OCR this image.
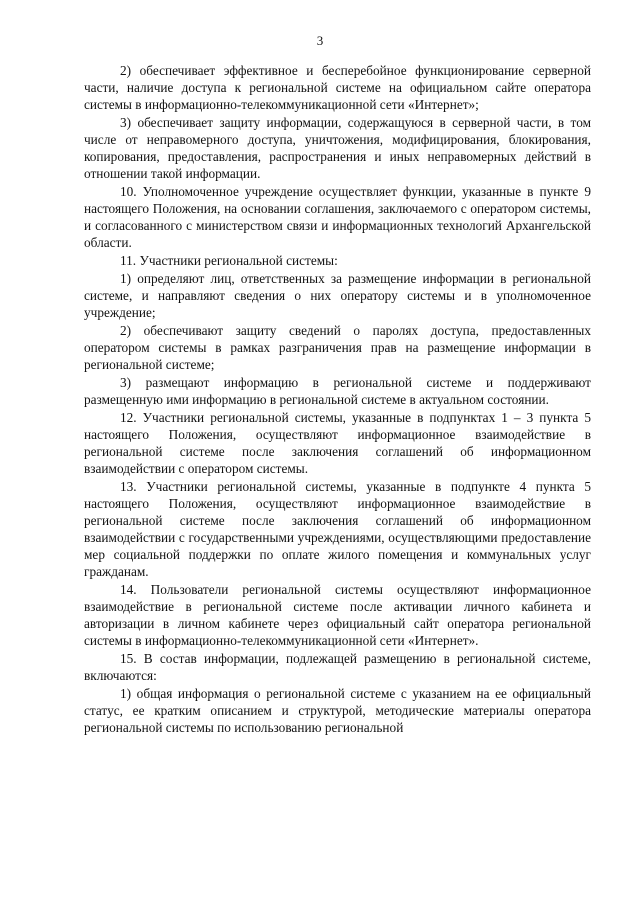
3

2) обеспечивает эффективное и бесперебойное функционирование серверной части, наличие доступа к региональной системе на официальном сайте оператора системы в информационно-телекоммуникационной сети «Интернет»;

3) обеспечивает защиту информации, содержащуюся в серверной части, в том числе от неправомерного доступа, уничтожения, модифицирования, блокирования, копирования, предоставления, распространения и иных неправомерных действий в отношении такой информации.

10. Уполномоченное учреждение осуществляет функции, указанные в пункте 9 настоящего Положения, на основании соглашения, заключаемого с оператором системы, и согласованного с министерством связи и информационных технологий Архангельской области.

11. Участники региональной системы:

1) определяют лиц, ответственных за размещение информации в региональной системе, и направляют сведения о них оператору системы и в уполномоченное учреждение;

2) обеспечивают защиту сведений о паролях доступа, предоставленных оператором системы в рамках разграничения прав на размещение информации в региональной системе;

3) размещают информацию в региональной системе и поддерживают размещенную ими информацию в региональной системе в актуальном состоянии.

12. Участники региональной системы, указанные в подпунктах 1 – 3 пункта 5 настоящего Положения, осуществляют информационное взаимодействие в региональной системе после заключения соглашений об информационном взаимодействии с оператором системы.

13. Участники региональной системы, указанные в подпункте 4 пункта 5 настоящего Положения, осуществляют информационное взаимодействие в региональной системе после заключения соглашений об информационном взаимодействии с государственными учреждениями, осуществляющими предоставление мер социальной поддержки по оплате жилого помещения и коммунальных услуг гражданам.

14. Пользователи региональной системы осуществляют информационное взаимодействие в региональной системе после активации личного кабинета и авторизации в личном кабинете через официальный сайт оператора региональной системы в информационно-телекоммуникационной сети «Интернет».

15. В состав информации, подлежащей размещению в региональной системе, включаются:

1) общая информация о региональной системе с указанием на ее официальный статус, ее кратким описанием и структурой, методические материалы оператора региональной системы по использованию региональной
